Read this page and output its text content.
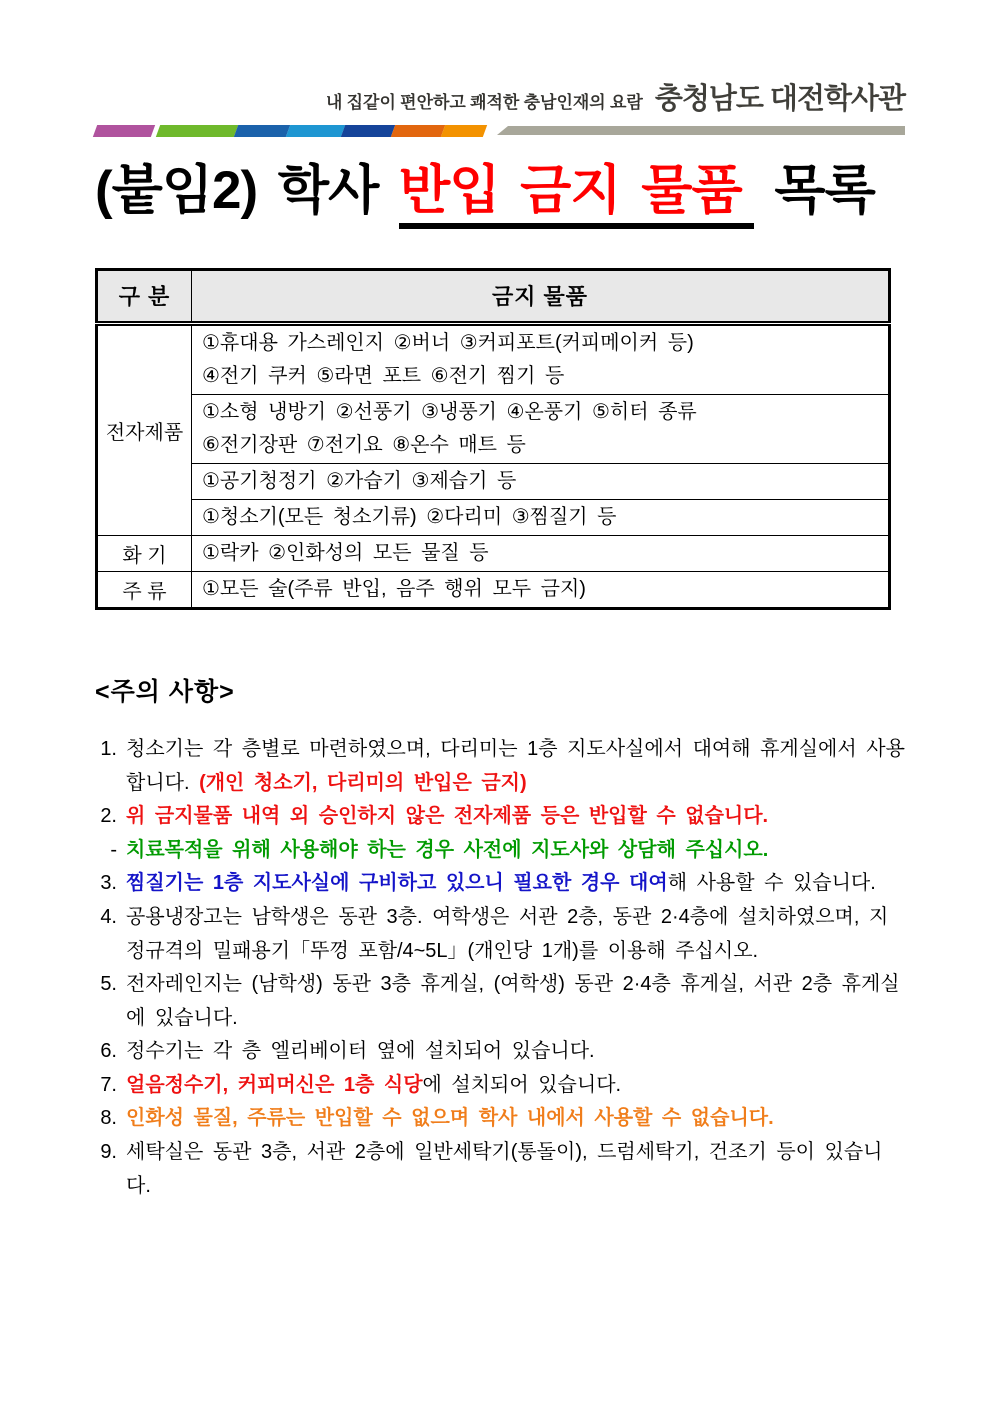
내 집같이 편안하고 쾌적한 충남인재의 요람 충청남도 대전학사관
(붙임2) 학사 반입 금지 물품 목록
구 분	금지 물품
전자제품	①휴대용 가스레인지 ②버너 ③커피포트(커피메이커 등)
④전기 쿠커 ⑤라면 포트 ⑥전기 찜기 등

	①소형 냉방기 ②선풍기 ③냉풍기 ④온풍기 ⑤히터 종류
⑥전기장판 ⑦전기요 ⑧온수 매트 등

	①공기청정기 ②가습기 ③제습기 등

	①청소기(모든 청소기류) ②다리미 ③찜질기 등

화 기	①락카 ②인화성의 모든 물질 등

주 류	①모든 술(주류 반입, 음주 행위 모두 금지)
<주의 사항>
1. 청소기는 각 층별로 마련하였으며, 다리미는 1층 지도사실에서 대여해 휴게실에서 사용합니다. (개인 청소기, 다리미의 반입은 금지)
2. 위 금지물품 내역 외 승인하지 않은 전자제품 등은 반입할 수 없습니다.
- 치료목적을 위해 사용해야 하는 경우 사전에 지도사와 상담해 주십시오.
3. 찜질기는 1층 지도사실에 구비하고 있으니 필요한 경우 대여해 사용할 수 있습니다.
4. 공용냉장고는 남학생은 동관 3층. 여학생은 서관 2층, 동관 2·4층에 설치하였으며, 지정규격의 밀패용기「뚜껑 포함/4~5L」(개인당 1개)를 이용해 주십시오.
5. 전자레인지는 (남학생) 동관 3층 휴게실, (여학생) 동관 2·4층 휴게실, 서관 2층 휴게실에 있습니다.
6. 정수기는 각 층 엘리베이터 옆에 설치되어 있습니다.
7. 얼음정수기, 커피머신은 1층 식당에 설치되어 있습니다.
8. 인화성 물질, 주류는 반입할 수 없으며 학사 내에서 사용할 수 없습니다.
9. 세탁실은 동관 3층, 서관 2층에 일반세탁기(통돌이), 드럼세탁기, 건조기 등이 있습니다.
